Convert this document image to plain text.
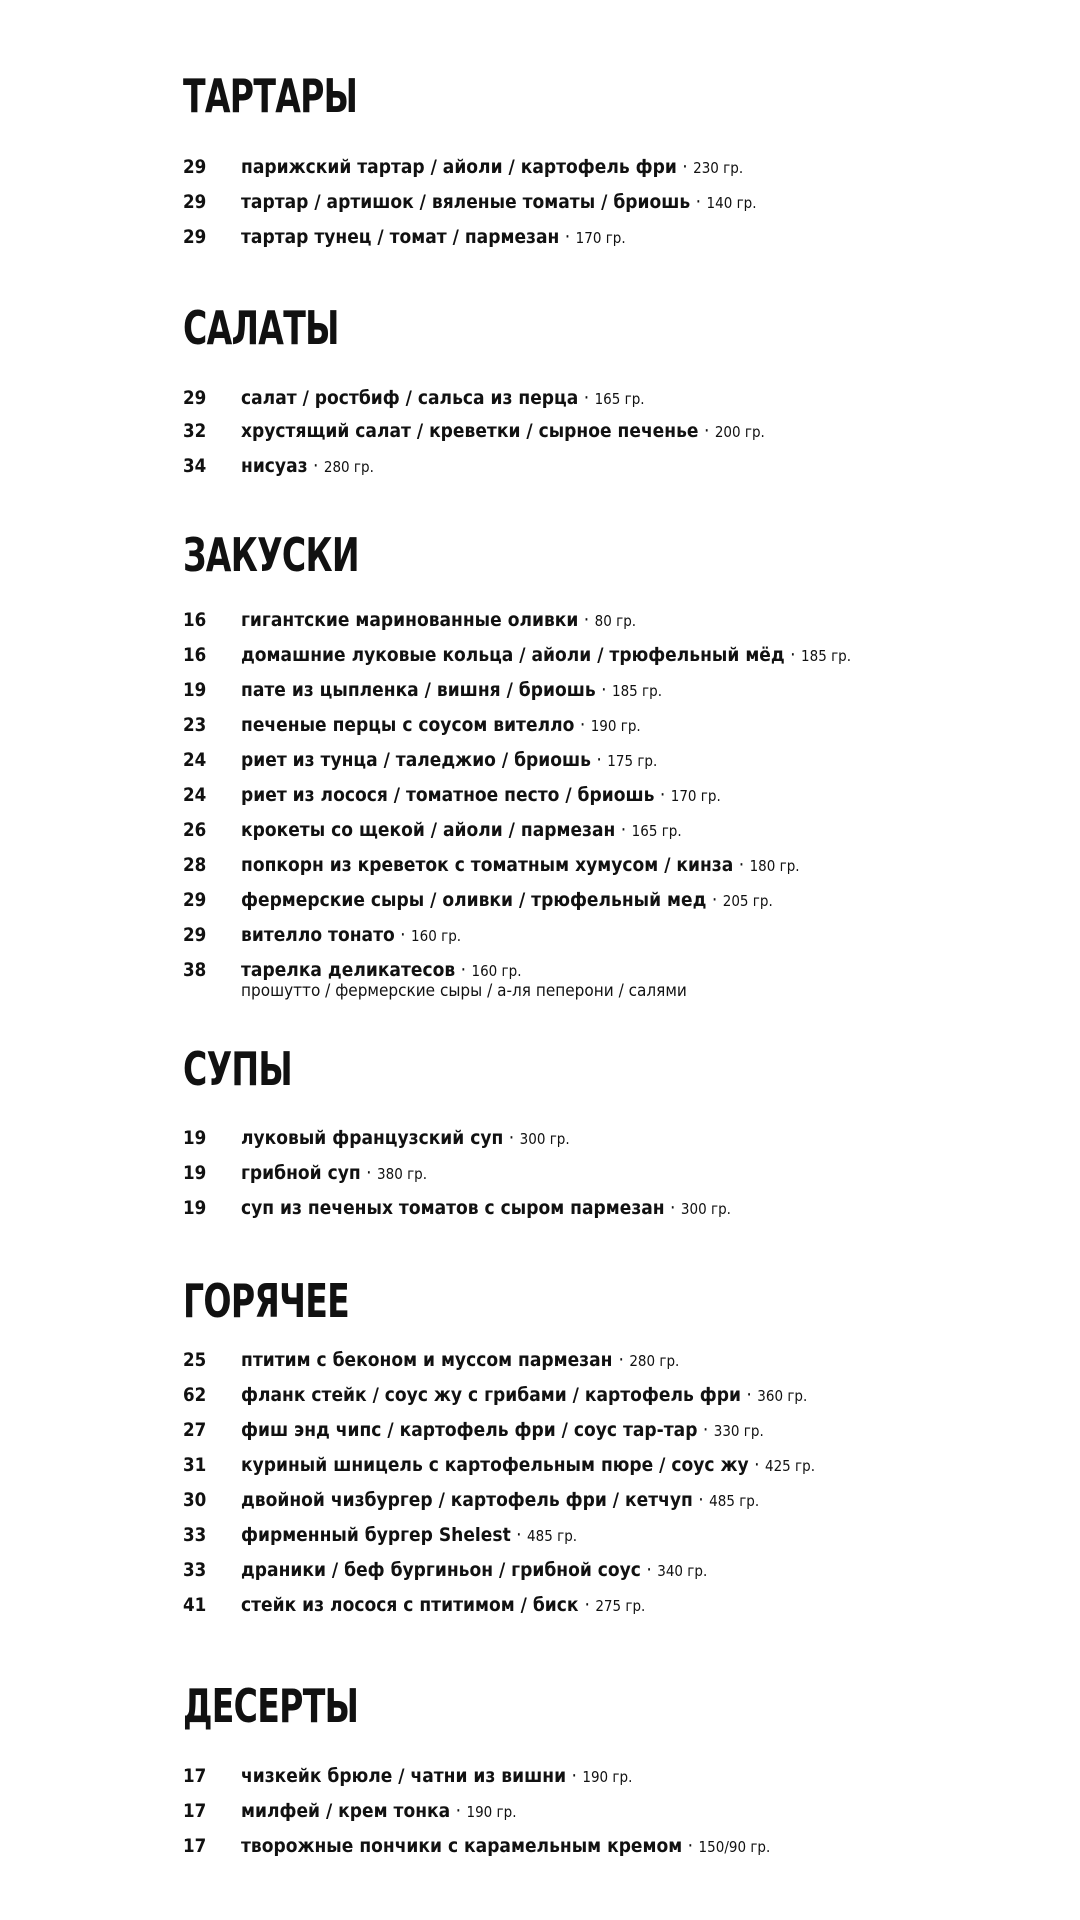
ТАРТАРЫ
29 парижский тартар / айоли / картофель фри · 230 гр.
29 тартар / артишок / вяленые томаты / бриошь · 140 гр.
29 тартар тунец / томат / пармезан · 170 гр.
САЛАТЫ
29 салат / ростбиф / сальса из перца · 165 гр.
32 хрустящий салат / креветки / сырное печенье · 200 гр.
34 нисуаз · 280 гр.
ЗАКУСКИ
16 гигантские маринованные оливки · 80 гр.
16 домашние луковые кольца / айоли / трюфельный мёд · 185 гр.
19 пате из цыпленка / вишня / бриошь · 185 гр.
23 печеные перцы с соусом вителло · 190 гр.
24 риет из тунца / таледжио / бриошь · 175 гр.
24 риет из лосося / томатное песто / бриошь · 170 гр.
26 крокеты со щекой / айоли / пармезан · 165 гр.
28 попкорн из креветок с томатным хумусом / кинза · 180 гр.
29 фермерские сыры / оливки / трюфельный мед · 205 гр.
29 вителло тонато · 160 гр.
38 тарелка деликатесов · 160 гр.
прошутто / фермерские сыры / а-ля пеперони / салями
СУПЫ
19 луковый французский суп · 300 гр.
19 грибной суп · 380 гр.
19 суп из печеных томатов с сыром пармезан · 300 гр.
ГОРЯЧЕЕ
25 птитим с беконом и муссом пармезан · 280 гр.
62 фланк стейк / соус жу с грибами / картофель фри · 360 гр.
27 фиш энд чипс / картофель фри / соус тар-тар · 330 гр.
31 куриный шницель с картофельным пюре / соус жу · 425 гр.
30 двойной чизбургер / картофель фри / кетчуп · 485 гр.
33 фирменный бургер Shelest · 485 гр.
33 драники / беф бургиньон / грибной соус · 340 гр.
41 стейк из лосося с птитимом / биск · 275 гр.
ДЕСЕРТЫ
17 чизкейк брюле / чатни из вишни · 190 гр.
17 милфей / крем тонка · 190 гр.
17 творожные пончики с карамельным кремом · 150/90 гр.
